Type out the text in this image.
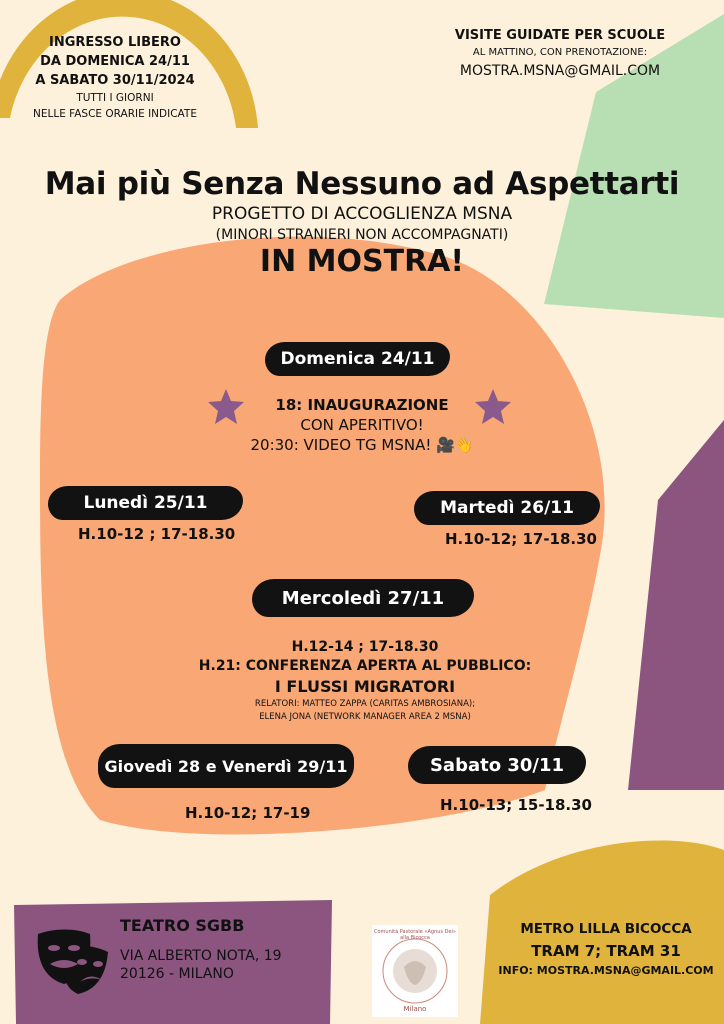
INGRESSO LIBERO
DA DOMENICA 24/11
A SABATO 30/11/2024
TUTTI I GIORNI
NELLE FASCE ORARIE INDICATE
VISITE GUIDATE PER SCUOLE
AL MATTINO, CON PRENOTAZIONE:
MOSTRA.MSNA@GMAIL.COM
Mai più Senza Nessuno ad Aspettarti
PROGETTO DI ACCOGLIENZA MSNA
(MINORI STRANIERI NON ACCOMPAGNATI)
IN MOSTRA!
Domenica 24/11
18: INAUGURAZIONE
CON APERITIVO!
20:30: VIDEO TG MSNA! 🎥👋
Lunedì 25/11
H.10-12 ; 17-18.30
Martedì 26/11
H.10-12; 17-18.30
Mercoledì 27/11
H.12-14 ; 17-18.30
H.21: CONFERENZA APERTA AL PUBBLICO:
I FLUSSI MIGRATORI
RELATORI: MATTEO ZAPPA (CARITAS AMBROSIANA);
ELENA JONA (NETWORK MANAGER AREA 2 MSNA)
Giovedì 28 e Venerdì 29/11
H.10-12; 17-19
Sabato 30/11
H.10-13; 15-18.30
TEATRO SGBB
VIA ALBERTO NOTA, 19
20126 - MILANO
Comunità Pastorale «Agnus Dei» alla Bicocca
Milano
METRO LILLA BICOCCA
TRAM 7; TRAM 31
INFO: MOSTRA.MSNA@GMAIL.COM
